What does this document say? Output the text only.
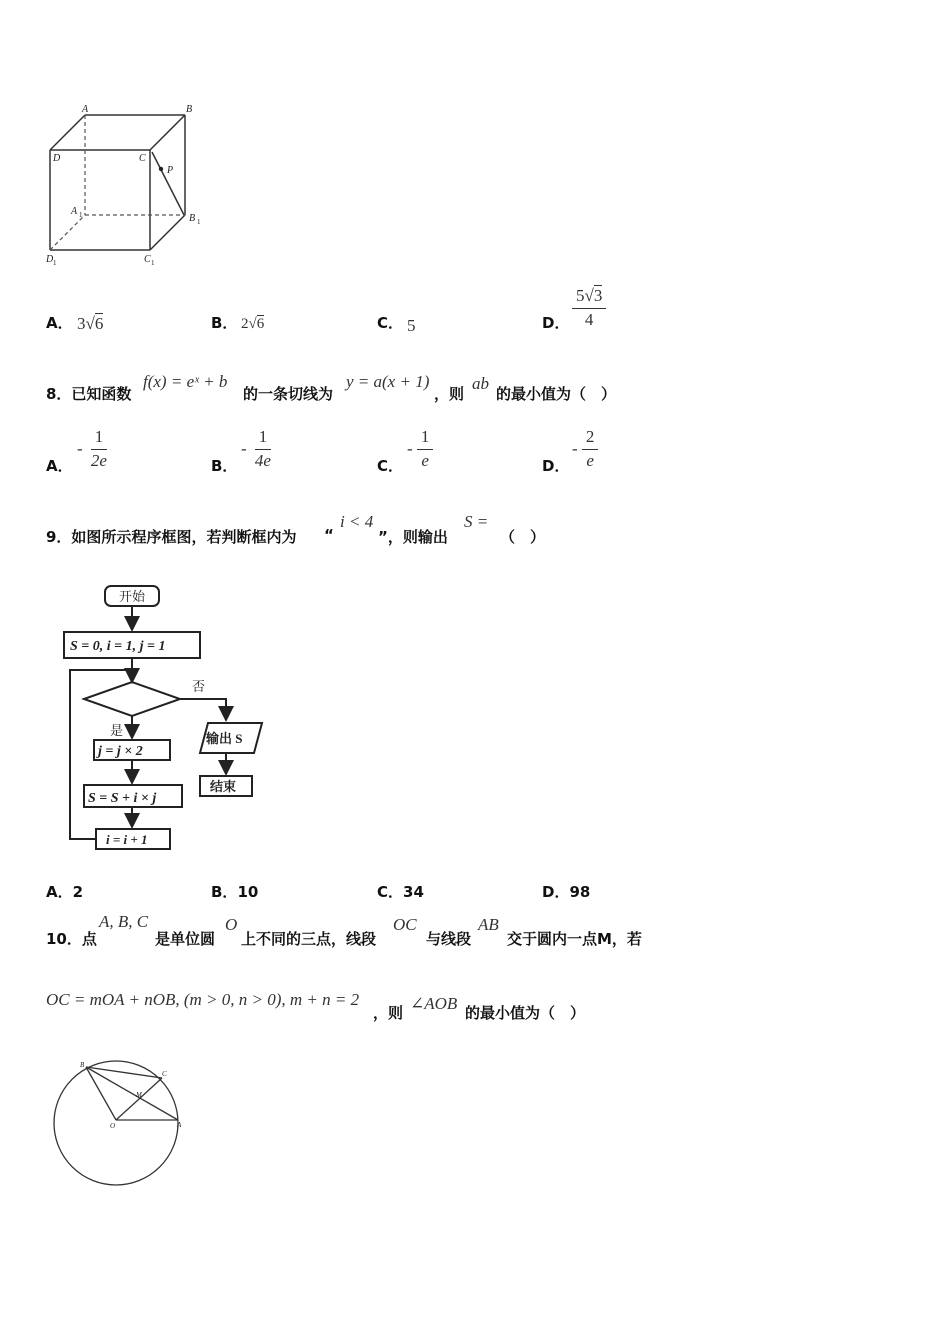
A	B
C
D
P
A
B
C
D
1
1
1
1
A． 3√6	B． 2√6	C． 5	D． $\frac{5√3}{4}$
8．已知函数
f(x) = eˣ + b
的一条切线为
y = a(x + 1)
，则
ab
的最小值为（　）
A．
- $\frac{1}{2e}$	B．
- $\frac{1}{4e}$	C．
- $\frac{1}{e}$	D．
- $\frac{2}{e}$
9．如图所示程序框图，若判断框内为 “
i < 4
”，则输出
S =
（　）
开始
S = 0, i = 1, j = 1
否
是
输出 S
结束
j = j × 2
S = S + i × j
i = i + 1
A．2	B．10	C．34	D．98
10．点
A, B, C
是单位圆
O
上不同的三点，线段
OC
与线段
AB
交于圆内一点M，若
OC = mOA + nOB, (m > 0, n > 0), m + n = 2
，则 ∠AOB 的最小值为（　）
B
C
M
O	A
